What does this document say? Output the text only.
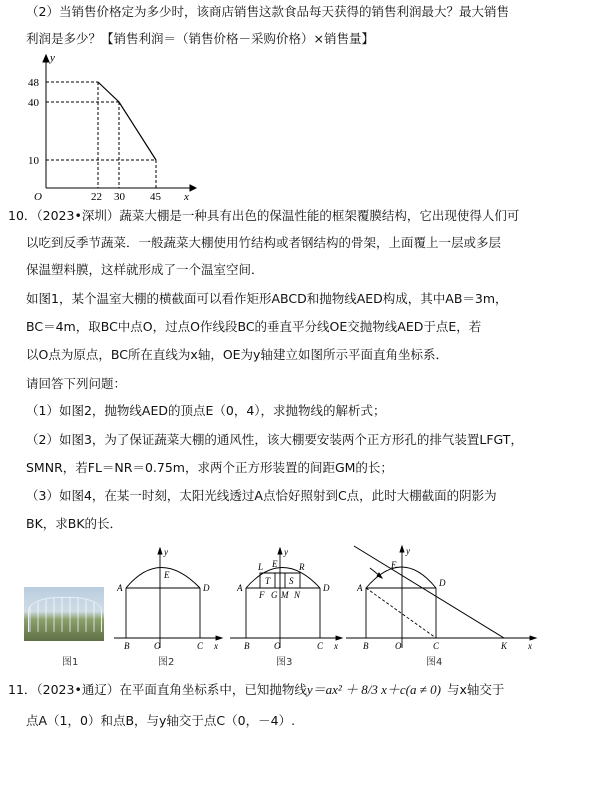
（2）当销售价格定为多少时，该商店销售这款食品每天获得的销售利润最大？最大销售
利润是多少？【销售利润＝（销售价格－采购价格）×销售量】
y
x
O
48
40
10
22 30 45
10．（2023•深圳）蔬菜大棚是一种具有出色的保温性能的框架覆膜结构，它出现使得人们可
以吃到反季节蔬菜．一般蔬菜大棚使用竹结构或者钢结构的骨架，上面覆上一层或多层
保温塑料膜，这样就形成了一个温室空间．
如图1，某个温室大棚的横截面可以看作矩形ABCD和抛物线AED构成，其中AB＝3m，
BC＝4m，取BC中点O，过点O作线段BC的垂直平分线OE交抛物线AED于点E，若
以O点为原点，BC所在直线为x轴，OE为y轴建立如图所示平面直角坐标系．
请回答下列问题：
（1）如图2，抛物线AED的顶点E（0，4），求抛物线的解析式；
（2）如图3，为了保证蔬菜大棚的通风性，该大棚要安装两个正方形孔的排气装置LFGT，
SMNR，若FL＝NR＝0.75m，求两个正方形装置的间距GM的长；
（3）如图4，在某一时刻，太阳光线透过A点恰好照射到C点，此时大棚截面的阴影为
BK，求BK的长．
图1
y
E
A	D
B	O	C x
图2
y
L E R
T S
A	D
F G M N
B	O	C x
图3
y
E
A	D
B	O	C	K x
图4
11．（2023•通辽）在平面直角坐标系中，已知抛物线y＝ax² ＋ 8/3 x＋c(a ≠ 0) 与x轴交于
点A（1，0）和点B，与y轴交于点C（0，－4）.
